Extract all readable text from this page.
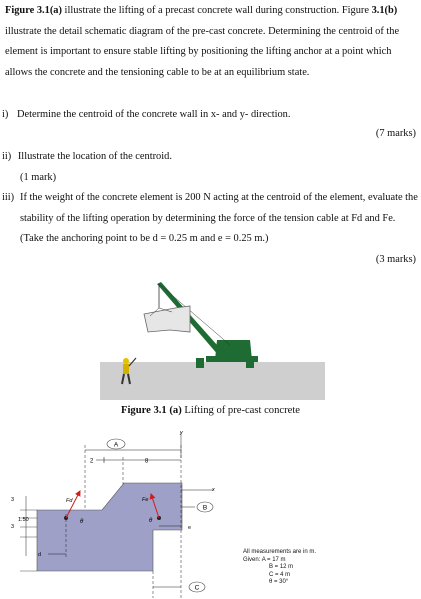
Figure 3.1(a) illustrate the lifting of a precast concrete wall during construction. Figure 3.1(b) illustrate the detail schematic diagram of the pre-cast concrete. Determining the centroid of the element is important to ensure stable lifting by positioning the lifting anchor at a point which allows the concrete and the tensioning cable to be at an equilibrium state.

i) Determine the centroid of the concrete wall in x- and y- direction.
(7 marks)
ii) Illustrate the location of the centroid.
(1 mark)
iii) If the weight of the concrete element is 200 N acting at the centroid of the element, evaluate the stability of the lifting operation by determining the force of the tension cable at Fd and Fe. (Take the anchoring point to be d = 0.25 m and e = 0.25 m.)

(3 marks)
Figure 3.1 (a) Lifting of pre-cast concrete
A
y
2	8
x
3
1.50
3
d
Fd
θ
Fe
θ
e
B
C
All measurements are in m.
Given: A = 17 m
B = 12 m
C = 4 m
θ = 30°
